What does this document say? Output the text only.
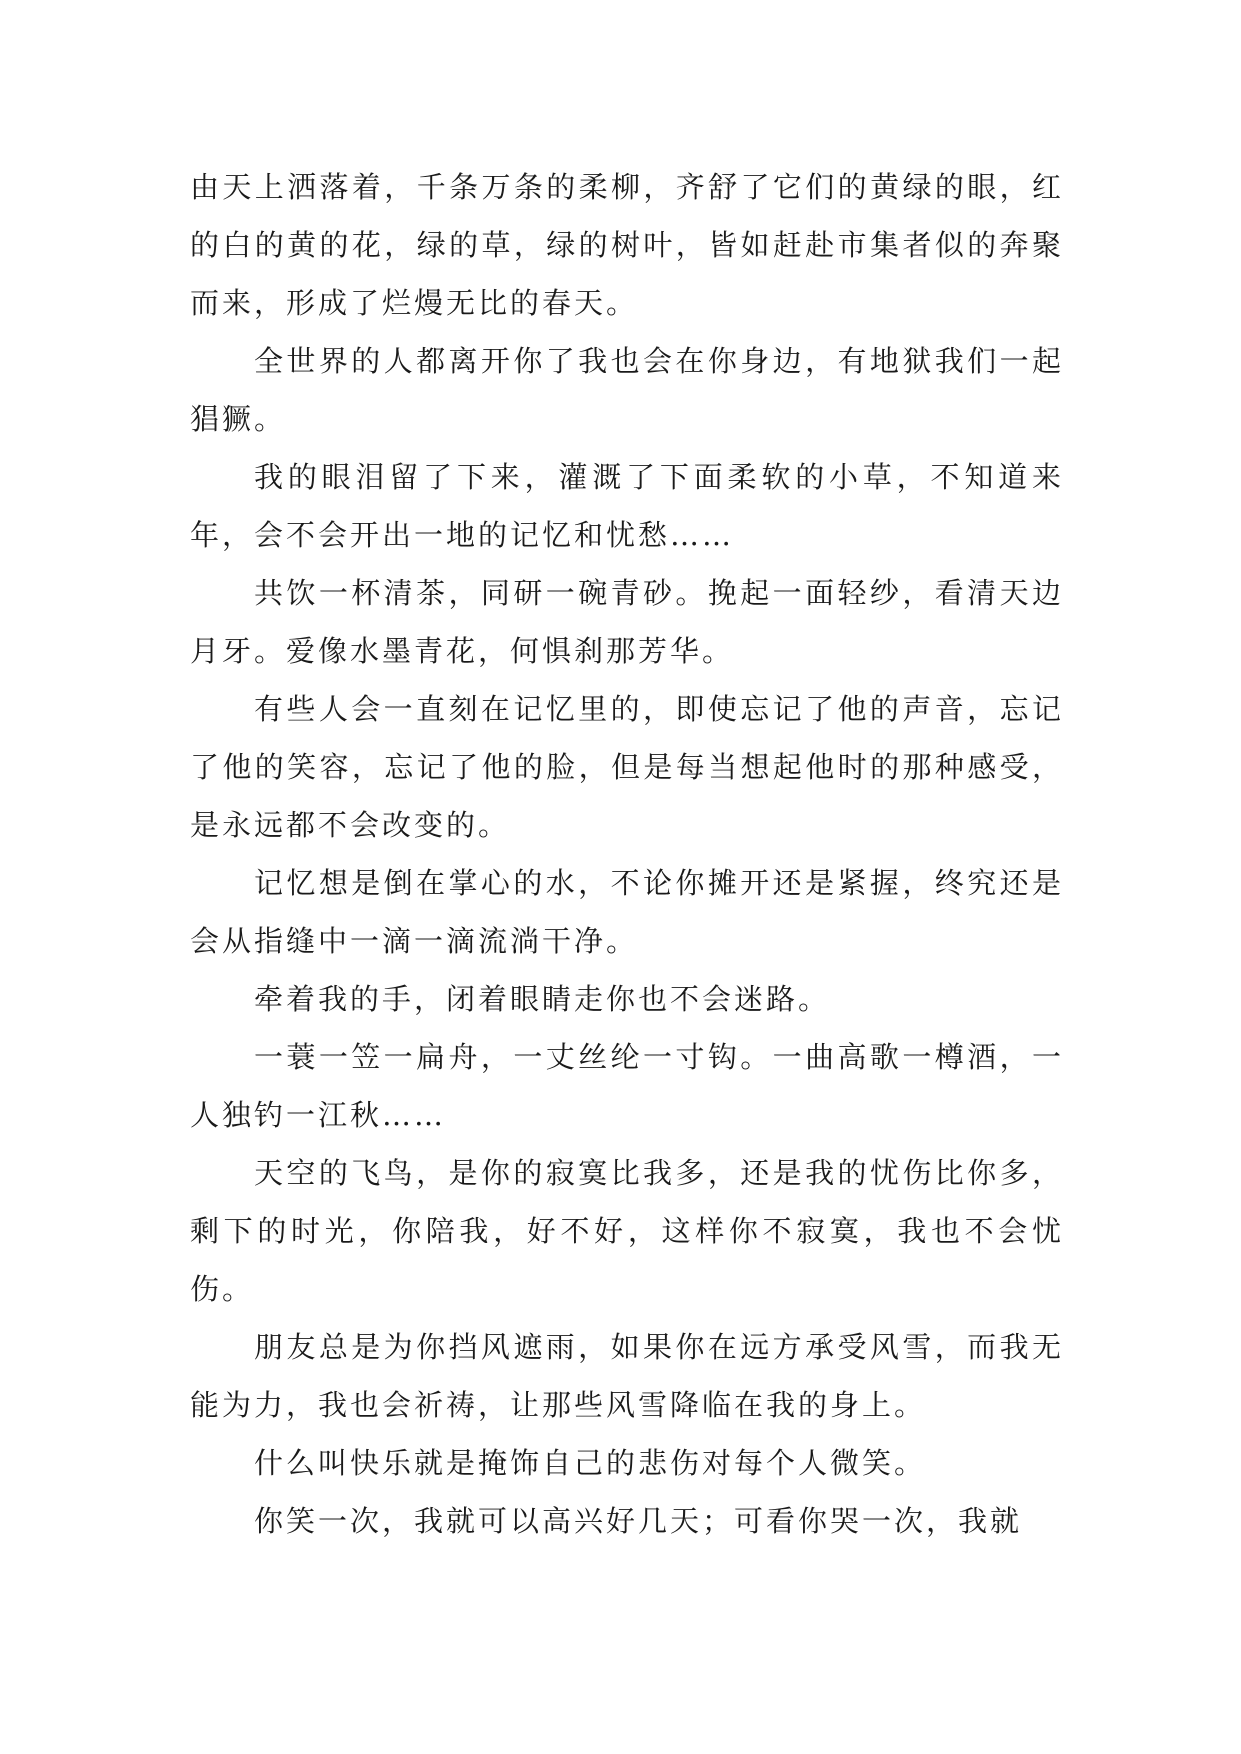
由天上洒落着，千条万条的柔柳，齐舒了它们的黄绿的眼，红的白的黄的花，绿的草，绿的树叶，皆如赶赴市集者似的奔聚而来，形成了烂熳无比的春天。

全世界的人都离开你了我也会在你身边，有地狱我们一起猖獗。

我的眼泪留了下来，灌溉了下面柔软的小草，不知道来年，会不会开出一地的记忆和忧愁……

共饮一杯清茶，同研一碗青砂。挽起一面轻纱，看清天边月牙。爱像水墨青花，何惧刹那芳华。

有些人会一直刻在记忆里的，即使忘记了他的声音，忘记了他的笑容，忘记了他的脸，但是每当想起他时的那种感受，是永远都不会改变的。

记忆想是倒在掌心的水，不论你摊开还是紧握，终究还是会从指缝中一滴一滴流淌干净。

牵着我的手，闭着眼睛走你也不会迷路。

一蓑一笠一扁舟，一丈丝纶一寸钩。一曲高歌一樽酒，一人独钓一江秋……

天空的飞鸟，是你的寂寞比我多，还是我的忧伤比你多，剩下的时光，你陪我，好不好，这样你不寂寞，我也不会忧伤。

朋友总是为你挡风遮雨，如果你在远方承受风雪，而我无能为力，我也会祈祷，让那些风雪降临在我的身上。

什么叫快乐就是掩饰自己的悲伤对每个人微笑。

你笑一次，我就可以高兴好几天；可看你哭一次，我就
